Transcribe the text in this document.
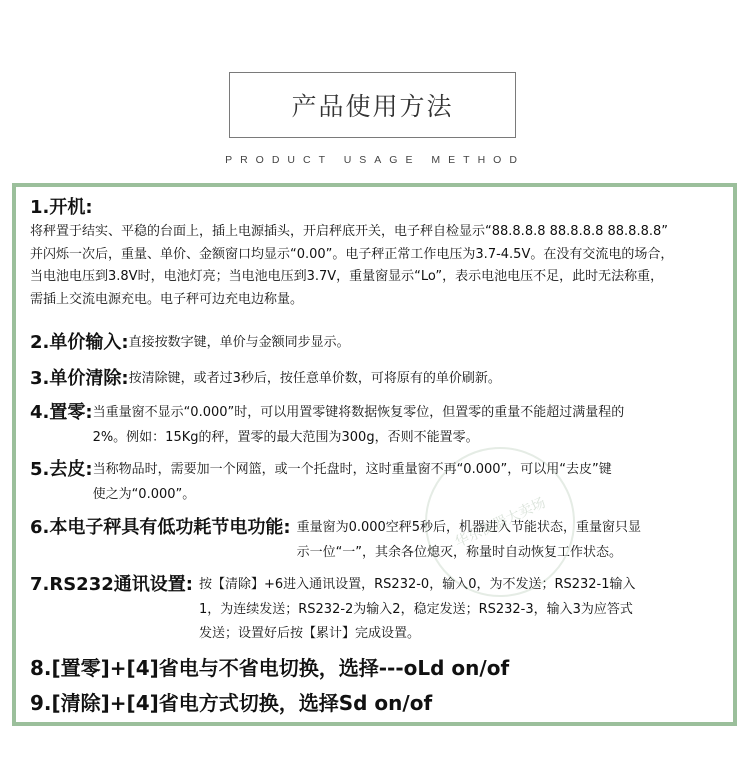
产品使用方法
PRODUCT USAGE METHOD
1.开机:
将秤置于结实、平稳的台面上，插上电源插头，开启秤底开关，电子秤自检显示“88.8.8.8 88.8.8.8 88.8.8.8”
并闪烁一次后，重量、单价、金额窗口均显示“0.00”。电子秤正常工作电压为3.7-4.5V。在没有交流电的场合，
当电池电压到3.8V时，电池灯亮；当电池电压到3.7V，重量窗显示“Lo”，表示电池电压不足，此时无法称重，
需插上交流电源充电。电子秤可边充电边称量。
2.单价输入: 直接按数字键，单价与金额同步显示。
3.单价清除: 按清除键，或者过3秒后，按任意单价数，可将原有的单价刷新。
4.置零: 当重量窗不显示“0.000”时，可以用置零键将数据恢复零位，但置零的重量不能超过满量程的
2%。例如：15Kg的秤，置零的最大范围为300g，否则不能置零。
5.去皮: 当称物品时，需要加一个网篮，或一个托盘时，这时重量窗不再“0.000”，可以用“去皮”键
使之为“0.000”。
6.本电子秤具有低功耗节电功能: 重量窗为0.000空秤5秒后，机器进入节能状态，重量窗只显
示一位“一”，其余各位熄灭，称量时自动恢复工作状态。
7.RS232通讯设置: 按【清除】+6进入通讯设置，RS232-0，输入0，为不发送；RS232-1输入
1，为连续发送；RS232-2为输入2，稳定发送；RS232-3，输入3为应答式
发送；设置好后按【累计】完成设置。
8.[置零]+[4]省电与不省电切换，选择---oLd on/of
9.[清除]+[4]省电方式切换，选择Sd on/of
华东衡器大卖场
